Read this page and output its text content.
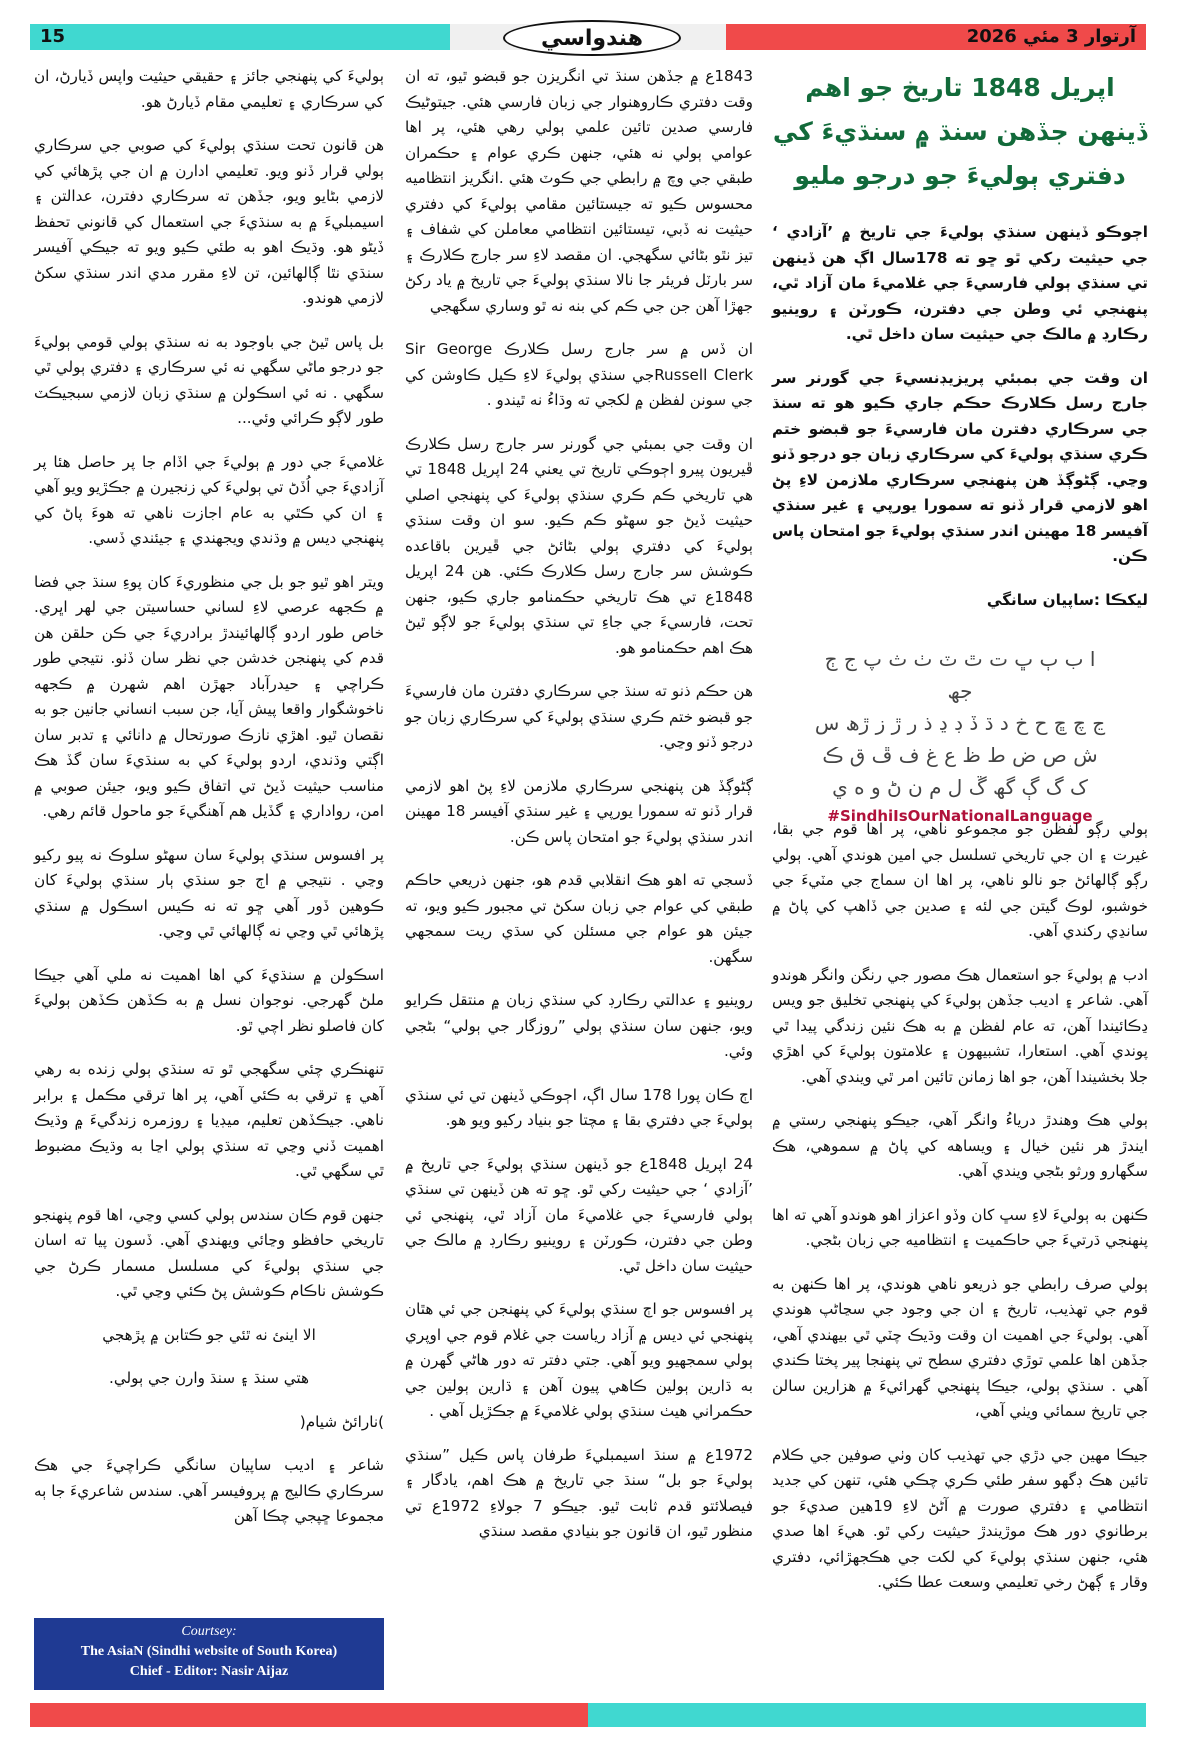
15	هندواسي	آرتوار 3 مئي 2026
اپريل 1848 تاريخ جو اهم ڏينهن جڏهن سنڌ ۾ سنڌيءَ کي دفتري ٻوليءَ جو درجو مليو

اڄوڪو ڏينهن سنڌي ٻوليءَ جي تاريخ ۾ ’آزادي ‘ جي حيثيت رکي ٿو ڇو ته 178سال اڳ هن ڏينهن تي سنڌي ٻولي فارسيءَ جي غلاميءَ مان آزاد ٿي، پنهنجي ئي وطن جي دفترن، ڪورٽن ۽ روينيو رڪارڊ ۾ مالڪ جي حيثيت سان داخل ٿي.

ان وقت جي بمبئي پريزيڊنسيءَ جي گورنر سر جارج رسل ڪلارڪ حڪم جاري ڪيو هو ته سنڌ جي سرڪاري دفترن مان فارسيءَ جو قبضو ختم ڪري سنڌي ٻوليءَ کي سرڪاري زبان جو درجو ڏنو وڃي. ڳڻوڳڏ هن پنهنجي سرڪاري ملازمن لاءِ پڻ اهو لازمي قرار ڏنو ته سمورا يورپي ۽ غير سنڌي آفيسر 18 مهينن اندر سنڌي ٻوليءَ جو امتحان پاس ڪن.

ليکڪا :ساپيان سانگي

ا ب ٻ ڀ ت ٿ ٽ ٺ ث پ ج ڄ جھ
ڃ چ ڇ ح خ د ڌ ڏ ڊ ڍ ذ ر ڙ ز ڙھ س
ش ص ض ط ظ ع غ ف ڦ ق ڪ
ک گ ڳ گھ ڱ ل م ن ڻ و ه ي
#SindhiIsOurNationalLanguage

ٻولي رڳو لفظن جو مجموعو ناهي، پر اها قوم جي بقا، غيرت ۽ ان جي تاريخي تسلسل جي امين هوندي آهي. ٻولي رڳو ڳالهائڻ جو نالو ناهي، پر اها ان سماج جي مٽيءَ جي خوشبو، لوڪ گيتن جي لئه ۽ صدين جي ڏاهپ کي پاڻ ۾ سانڍي رکندي آهي.

ادب ۾ ٻوليءَ جو استعمال هڪ مصور جي رنگن وانگر هوندو آهي. شاعر ۽ اديب جڏهن ٻوليءَ کي پنهنجي تخليق جو ويس ڍڪائيندا آهن، ته عام لفظن ۾ به هڪ نئين زندگي پيدا ٿي پوندي آهي. استعارا، تشبيهون ۽ علامتون ٻوليءَ کي اهڙي جلا بخشيندا آهن، جو اها زمانن تائين امر ٿي ويندي آهي.

ٻولي هڪ وهندڙ درياءُ وانگر آهي، جيڪو پنهنجي رستي ۾ ايندڙ هر نئين خيال ۽ ويساهه کي پاڻ ۾ سموهي، هڪ سگهارو ورثو بڻجي ويندي آهي.

ڪنهن به ٻوليءَ لاءِ سڀ کان وڏو اعزاز اهو هوندو آهي ته اها پنهنجي ڌرتيءَ جي حاڪميت ۽ انتظاميه جي زبان بڻجي.

ٻولي صرف رابطي جو ذريعو ناهي هوندي، پر اها ڪنهن به قوم جي تهذيب، تاريخ ۽ ان جي وجود جي سڃاڻپ هوندي آهي. ٻوليءَ جي اهميت ان وقت وڌيڪ چٽي ٿي بيهندي آهي، جڏهن اها علمي توڙي دفتري سطح تي پنهنجا پير پختا ڪندي آهي . سنڌي ٻولي، جيڪا پنهنجي گهرائيءَ ۾ هزارين سالن جي تاريخ سمائي ويٺي آهي،

جيڪا مهين جي دڙي جي تهذيب کان وٺي صوفين جي ڪلام تائين هڪ ڊگهو سفر طئي ڪري چڪي هئي، تنهن کي جديد انتظامي ۽ دفتري صورت ۾ آڻڻ لاءِ 19هين صديءَ جو برطانوي دور هڪ موڙيندڙ حيثيت رکي ٿو. هيءَ اها صدي هئي، جنهن سنڌي ٻوليءَ کي لکت جي هڪجهڙائي، دفتري وقار ۽ ڳهڻ رخي تعليمي وسعت عطا ڪئي.

1843ع ۾ جڏهن سنڌ تي انگريزن جو قبضو ٿيو، ته ان وقت دفتري ڪاروهنوار جي زبان فارسي هئي. جيتوڻيڪ فارسي صدين تائين علمي ٻولي رهي هئي، پر اها عوامي ٻولي نه هئي، جنهن ڪري عوام ۽ حڪمران طبقي جي وچ ۾ رابطي جي ڪوٽ هئي .انگريز انتظاميه محسوس ڪيو ته جيستائين مقامي ٻوليءَ کي دفتري حيثيت نه ڏبي، تيستائين انتظامي معاملن کي شفاف ۽ تيز نٿو بڻائي سگهجي. ان مقصد لاءِ سر جارج ڪلارڪ ۽ سر بارٽل فريئر جا نالا سنڌي ٻوليءَ جي تاريخ ۾ ياد رکڻ جهڙا آهن جن جي ڪم کي بنه نه ٿو وساري سگهجي

ان ڏس ۾ سر جارج رسل ڪلارڪ Sir George Russell Clerkجي سنڌي ٻوليءَ لاءِ ڪيل ڪاوشن کي جي سونن لفظن ۾ لکجي ته وڌاءُ نه ٿيندو .

ان وقت جي بمبئي جي گورنر سر جارج رسل ڪلارڪ ڦيريون پيرو اڄوڪي تاريخ تي يعني 24 اپريل 1848 تي هي تاريخي ڪم ڪري سنڌي ٻوليءَ کي پنهنجي اصلي حيثيت ڏيڻ جو سهڻو ڪم ڪيو. سو ان وقت سنڌي ٻوليءَ کي دفتري ٻولي بڻائڻ جي ڦيرين باقاعده ڪوشش سر جارج رسل ڪلارڪ ڪئي. هن 24 اپريل 1848ع تي هڪ تاريخي حڪمنامو جاري ڪيو، جنهن تحت، فارسيءَ جي جاءِ تي سنڌي ٻوليءَ جو لاڳو ٿيڻ هڪ اهم حڪمنامو هو.

هن حڪم ذنو ته سنڌ جي سرڪاري دفترن مان فارسيءَ جو قبضو ختم ڪري سنڌي ٻوليءَ کي سرڪاري زبان جو درجو ڏنو وڃي.

ڳڻوڳڏ هن پنهنجي سرڪاري ملازمن لاءِ پڻ اهو لازمي قرار ڏنو ته سمورا يورپي ۽ غير سنڌي آفيسر 18 مهينن اندر سنڌي ٻوليءَ جو امتحان پاس ڪن.

ڏسجي ته اهو هڪ انقلابي قدم هو، جنهن ذريعي حاڪم طبقي کي عوام جي زبان سکڻ تي مجبور ڪيو ويو، ته جيئن هو عوام جي مسئلن کي سڌي ريت سمجهي سگهن.

روينيو ۽ عدالتي رڪارڊ کي سنڌي زبان ۾ منتقل ڪرايو ويو، جنهن سان سنڌي ٻولي ”روزگار جي ٻولي“ بڻجي وئي.

اڄ ڪان پورا 178 سال اڳ، اڄوڪي ڏينهن تي ئي سنڌي ٻوليءَ جي دفتري بقا ۽ مچتا جو بنياد رکيو ويو هو.

24 اپريل 1848ع جو ڏينهن سنڌي ٻوليءَ جي تاريخ ۾ ’آزادي ‘ جي حيثيت رکي ٿو. ڇو ته هن ڏينهن تي سنڌي ٻولي فارسيءَ جي غلاميءَ مان آزاد ٿي، پنهنجي ئي وطن جي دفترن، ڪورٽن ۽ روينيو رڪارڊ ۾ مالڪ جي حيثيت سان داخل ٿي.

پر افسوس جو اڄ سنڌي ٻوليءَ کي پنهنجن جي ئي هٿان پنهنجي ئي ديس ۾ آزاد رياست جي غلام قوم جي اوپري ٻولي سمجهيو ويو آهي. جتي دفتر ته دور هاڻي گهرن ۾ به ڌارين ٻولين ڪاهي پيون آهن ۽ ڌارين ٻولين جي حڪمراني هيٺ سنڌي ٻولي غلاميءَ ۾ جڪڙيل آهي .

1972ع ۾ سنڌ اسيمبليءَ طرفان پاس ڪيل ”سنڌي ٻوليءَ جو بل“ سنڌ جي تاريخ ۾ هڪ اهم، يادگار ۽ فيصلائتو قدم ثابت ٿيو. جيڪو 7 جولاءِ 1972ع تي منظور ٿيو، ان قانون جو بنيادي مقصد سنڌي

ٻوليءَ کي پنهنجي جائز ۽ حقيقي حيثيت واپس ڏيارڻ، ان کي سرڪاري ۽ تعليمي مقام ڏيارڻ هو.

هن قانون تحت سنڌي ٻوليءَ کي صوبي جي سرڪاري ٻولي قرار ڏنو ويو. تعليمي ادارن ۾ ان جي پڙهائي کي لازمي بڻايو ويو، جڏهن ته سرڪاري دفترن، عدالتن ۽ اسيمبليءَ ۾ به سنڌيءَ جي استعمال کي قانوني تحفظ ڏيڻو هو. وڌيڪ اهو به طئي ڪيو ويو ته جيڪي آفيسر سنڌي نٿا ڳالهائين، تن لاءِ مقرر مدي اندر سنڌي سکڻ لازمي هوندو.

بل پاس ٿيڻ جي باوجود به نه سنڌي ٻولي قومي ٻوليءَ جو درجو ماڻي سگهي نه ئي سرڪاري ۽ دفتري ٻولي ٿي سگهي . نه ئي اسڪولن ۾ سنڌي زبان لازمي سبجيڪٽ طور لاڳو ڪرائي وئي...

غلاميءَ جي دور ۾ ٻوليءَ جي اڏام جا پر حاصل هئا پر آزاديءَ جي اُڏڻ تي ٻوليءَ کي زنجيرن ۾ جڪڙيو ويو آهي ۽ ان کي ڪٿي به عام اجازت ناهي ته هوءَ پاڻ کي پنهنجي ديس ۾ وڌندي ويجهندي ۽ جيئندي ڏسي.

ويتر اهو ٿيو جو بل جي منظوريءَ کان پوءِ سنڌ جي فضا ۾ ڪجهه عرصي لاءِ لساني حساسيتن جي لهر اڀري. خاص طور اردو ڳالهائيندڙ برادريءَ جي ڪن حلقن هن قدم کي پنهنجن خدشن جي نظر سان ڏٺو. نتيجي طور ڪراچي ۽ حيدرآباد جهڙن اهم شهرن ۾ ڪجهه ناخوشگوار واقعا پيش آيا، جن سبب انساني جانين جو به نقصان ٿيو. اهڙي نازڪ صورتحال ۾ دانائي ۽ تدبر سان اڳتي وڌندي، اردو ٻوليءَ کي به سنڌيءَ سان گڏ هڪ مناسب حيثيت ڏيڻ تي اتفاق ڪيو ويو، جيئن صوبي ۾ امن، رواداري ۽ گڏيل هم آهنگيءَ جو ماحول قائم رهي.

پر افسوس سنڌي ٻوليءَ سان سهڻو سلوڪ نه پيو رکيو وڃي . نتيجي ۾ اڄ جو سنڌي ٻار سنڌي ٻوليءَ کان ڪوهين ڏور آهي ڇو ته نه ڪيس اسڪول ۾ سنڌي پڙهائي ٿي وڃي نه ڳالهائي ٿي وڃي.

اسڪولن ۾ سنڌيءَ کي اها اهميت نه ملي آهي جيڪا ملڻ گهرجي. نوجوان نسل ۾ به ڪڏهن ڪڏهن ٻوليءَ کان فاصلو نظر اچي ٿو.

تنهنڪري چئي سگهجي ٿو ته سنڌي ٻولي زنده به رهي آهي ۽ ترقي به ڪئي آهي، پر اها ترقي مڪمل ۽ برابر ناهي. جيڪڏهن تعليم، ميڊيا ۽ روزمره زندگيءَ ۾ وڌيڪ اهميت ڏني وڃي ته سنڌي ٻولي اڃا به وڌيڪ مضبوط ٿي سگهي ٿي.

جنهن قوم ڪان سندس ٻولي کسي وڃي، اها قوم پنهنجو تاريخي حافظو وڃائي ويهندي آهي. ڏسون پيا ته اسان جي سنڌي ٻوليءَ کي مسلسل مسمار ڪرڻ جي ڪوشش ناڪام ڪوشش پڻ ڪئي وڃي ٿي.

الا اينئ نه ٿئي جو ڪتابن ۾ پڙهجي

هتي سنڌ ۽ سنڌ وارن جي ٻولي.

)نارائڻ شيام(

شاعر ۽ اديب ساپيان سانگي ڪراچيءَ جي هڪ سرڪاري ڪاليج ۾ پروفيسر آهي. سندس شاعريءَ جا ٻه مجموعا ڇپجي چڪا آهن

Courtsey:
The AsiaN (Sindhi website of South Korea)
Chief - Editor: Nasir Aijaz
